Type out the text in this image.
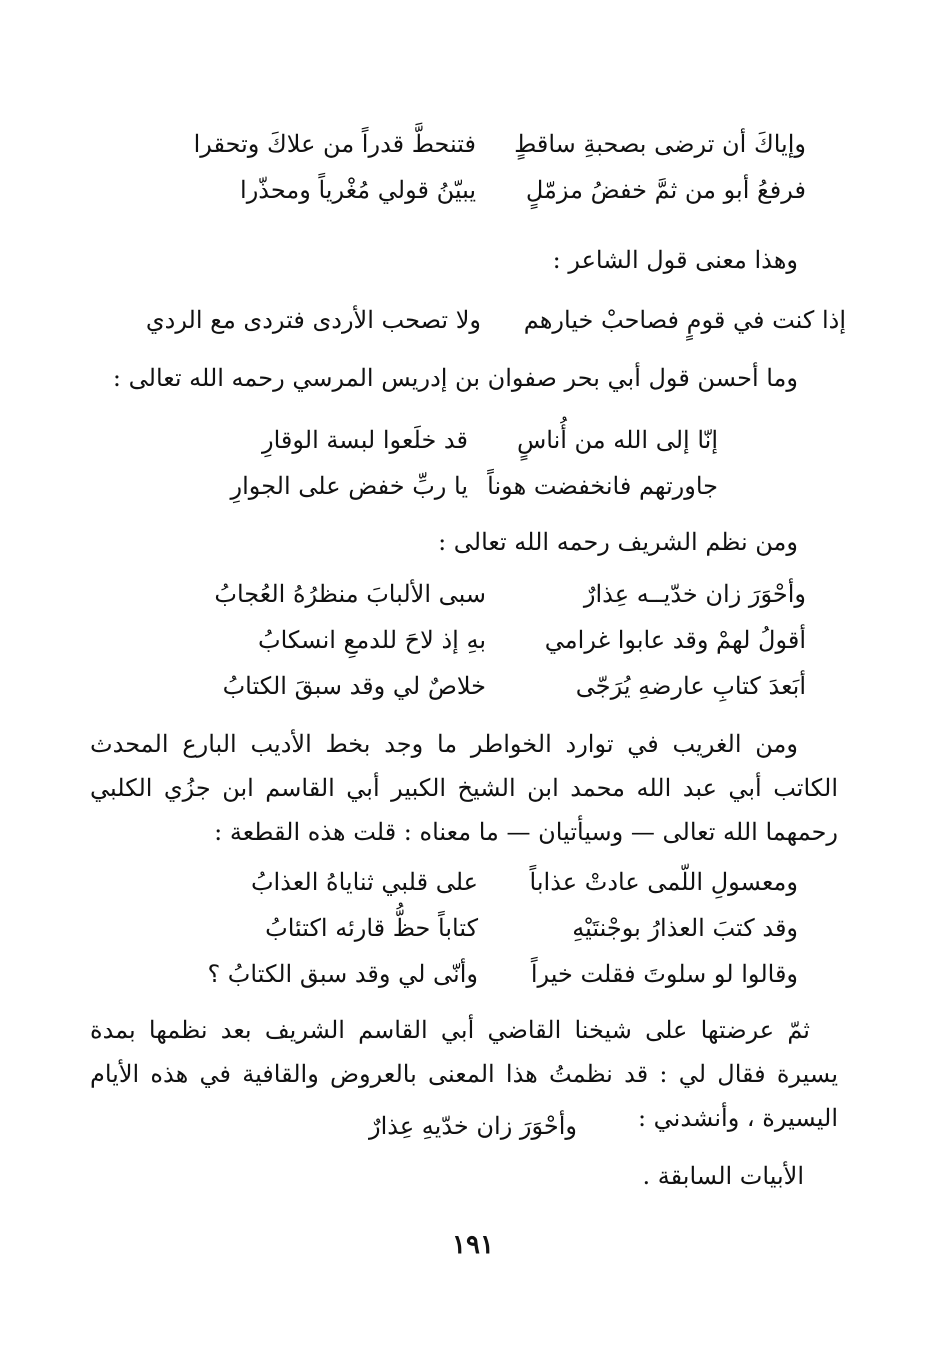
وإياكَ أن ترضى بصحبةِ ساقطٍ
فتنحطَّ قدراً من علاكَ وتحقرا
فرفعُ أبو من ثمَّ خفضُ مزمّلٍ
يبيّنُ قولي مُغْرياً ومحذّرا
وهذا معنى قول الشاعر :
إذا كنت في قومٍ فصاحبْ خيارهم
ولا تصحب الأردى فتردى مع الردي
وما أحسن قول أبي بحر صفوان بن إدريس المرسي رحمه الله تعالى :
إنّا إلى الله من أُناسٍ
قد خلَعوا لبسة الوقارِ
جاورتهم فانخفضت هوناً
يا ربِّ خفض على الجوارِ
ومن نظم الشريف رحمه الله تعالى :
وأحْوَرَ زان خدّيــه عِذارٌ
سبى الألبابَ منظرُهُ العُجابُ
أقولُ لهمْ وقد عابوا غرامي
بهِ إذ لاحَ للدمعِ انسكابُ
أبَعدَ كتابِ عارضهِ يُرَجّى
خلاصٌ لي وقد سبقَ الكتابُ
ومن الغريب في توارد الخواطر ما وجد بخط الأديب البارع المحدث الكاتب أبي عبد الله محمد ابن الشيخ الكبير أبي القاسم ابن جزُي الكلبي رحمهما الله تعالى — وسيأتيان — ما معناه : قلت هذه القطعة :
ومعسولِ اللّمى عادتْ عذاباً
على قلبي ثناياهُ العذابُ
وقد كتبَ العذارُ بوجْنتَيْهِ
كتاباً حظُّ قارئه اكتئابُ
وقالوا لو سلوتَ فقلت خيراً
وأنّى لي وقد سبق الكتابُ ؟
ثمّ عرضتها على شيخنا القاضي أبي القاسم الشريف بعد نظمها بمدة يسيرة فقال لي : قد نظمتُ هذا المعنى بالعروض والقافية في هذه الأيام اليسيرة ، وأنشدني :
وأحْوَرَ زان خدّيهِ عِذارٌ
الأبيات السابقة .
١٩١
